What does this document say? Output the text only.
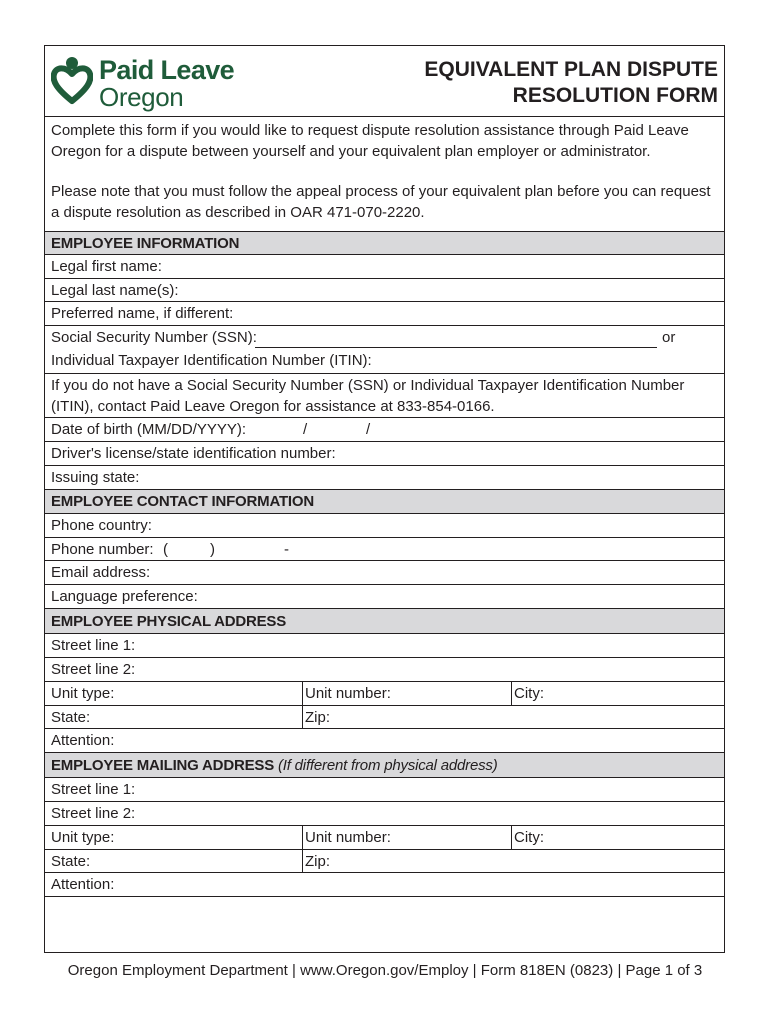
Paid Leave
Oregon
EQUIVALENT PLAN DISPUTE
RESOLUTION FORM

Complete this form if you would like to request dispute resolution assistance through Paid Leave Oregon for a dispute between yourself and your equivalent plan employer or administrator.

Please note that you must follow the appeal process of your equivalent plan before you can request a dispute resolution as described in OAR 471-070-2220.

EMPLOYEE INFORMATION
Legal first name:
Legal last name(s):
Preferred name, if different:
Social Security Number (SSN):	or
Individual Taxpayer Identification Number (ITIN):
If you do not have a Social Security Number (SSN) or Individual Taxpayer Identification Number (ITIN), contact Paid Leave Oregon for assistance at 833-854-0166.
Date of birth (MM/DD/YYYY):	/	/
Driver's license/state identification number:
Issuing state:
EMPLOYEE CONTACT INFORMATION
Phone country:
Phone number: (	)	-
Email address:
Language preference:
EMPLOYEE PHYSICAL ADDRESS
Street line 1:
Street line 2:
Unit type:	Unit number:	City:
State:	Zip:
Attention:
EMPLOYEE MAILING ADDRESS (If different from physical address)
Street line 1:
Street line 2:
Unit type:	Unit number:	City:
State:	Zip:
Attention:
Oregon Employment Department | www.Oregon.gov/Employ | Form 818EN (0823) | Page 1 of 3
